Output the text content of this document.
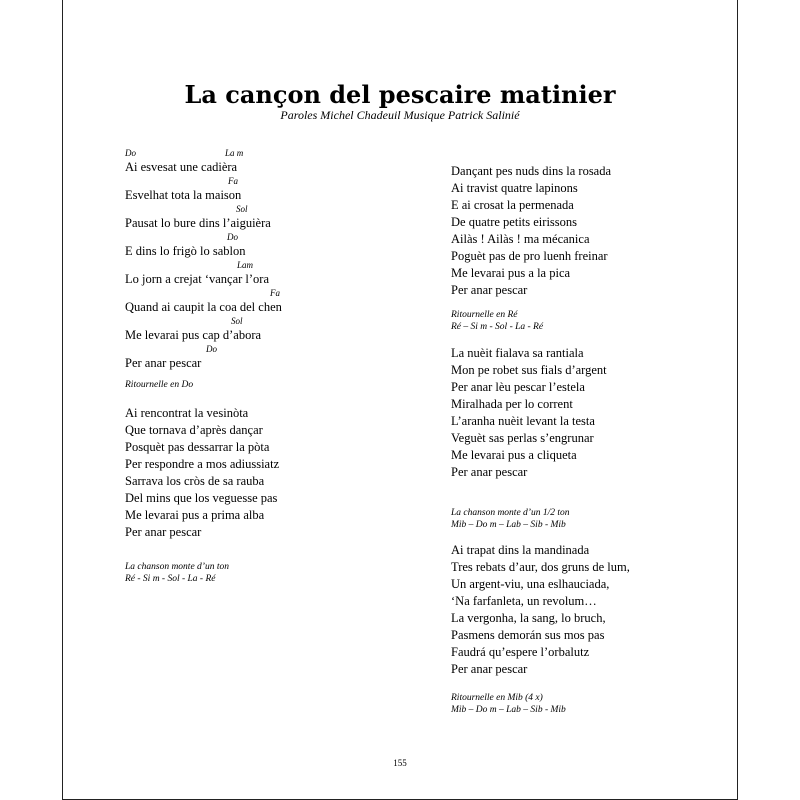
La cançon del pescaire matinier
Paroles Michel Chadeuil Musique Patrick Salinié
Do	La m
Ai esvesat une cadièra
Fa

Esvelhat tota la maison
Sol

Pausat lo bure dins l’aiguièra
Do

E dins lo frigò lo sablon
Lam

Lo jorn a crejat ‘vançar l’ora
Fa

Quand ai caupit la coa del chen
Sol

Me levarai pus cap d’abora
Do

Per anar pescar
Ritournelle en Do
Ai rencontrat la vesinòta
Que tornava d’après dançar
Posquèt pas dessarrar la pòta
Per respondre a mos adiussiatz
Sarrava los cròs de sa rauba
Del mins que los veguesse pas
Me levarai pus a prima alba
Per anar pescar
La chanson monte d’un ton
Ré - Si m - Sol - La - Ré
Dançant pes nuds dins la rosada
Ai travist quatre lapinons
E ai crosat la permenada
De quatre petits eirissons
Ailàs ! Ailàs ! ma mécanica
Poguèt pas de pro luenh freinar
Me levarai pus a la pica
Per anar pescar
Ritournelle en Ré
Ré – Si m - Sol - La - Ré
La nuèit fialava sa rantiala
Mon pe robet sus fials d’argent
Per anar lèu pescar l’estela
Miralhada per lo corrent
L’aranha nuèit levant la testa
Veguèt sas perlas s’engrunar
Me levarai pus a cliqueta
Per anar pescar
La chanson monte d’un 1/2 ton
Mib – Do m – Lab – Sib - Mib
Ai trapat dins la mandinada
Tres rebats d’aur, dos gruns de lum,
Un argent-viu, una eslhauciada,
‘Na farfanleta, un revolum…
La vergonha, la sang, lo bruch,
Pasmens demorán sus mos pas
Faudrá qu’espere l’orbalutz
Per anar pescar
Ritournelle en Mib (4 x)
Mib – Do m – Lab – Sib - Mib
155
